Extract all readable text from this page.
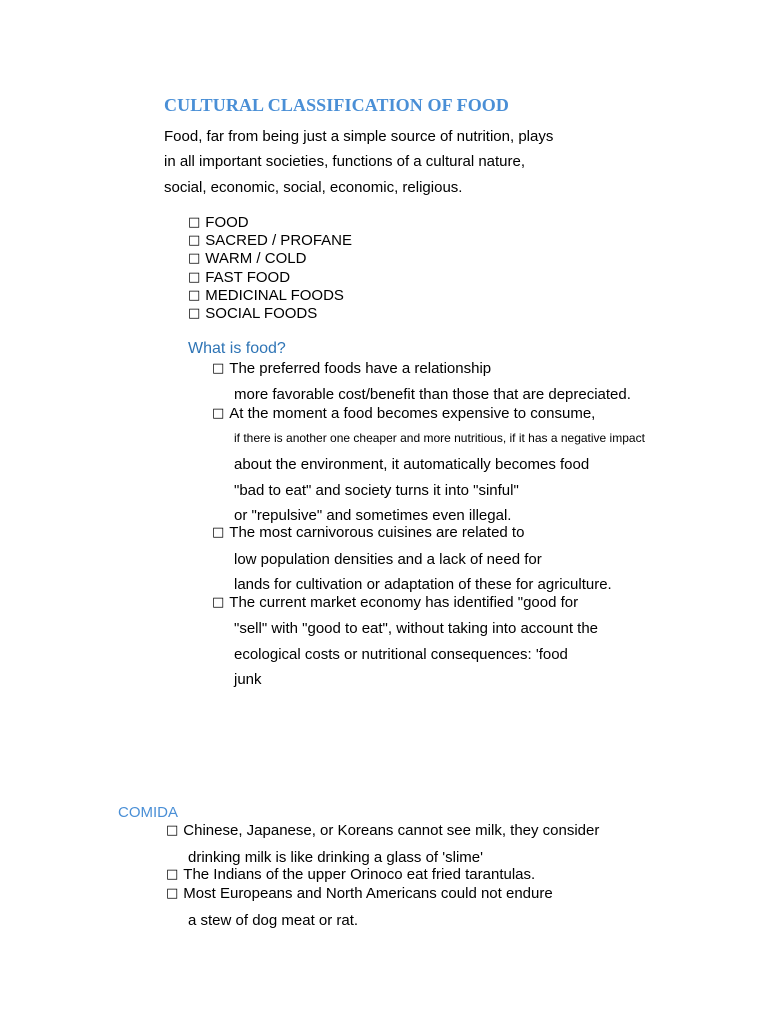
CULTURAL CLASSIFICATION OF FOOD
Food, far from being just a simple source of nutrition, plays
in all important societies, functions of a cultural nature,
social, economic, social, economic, religious.
□ FOOD
□ SACRED / PROFANE
□ WARM / COLD
□ FAST FOOD
□ MEDICINAL FOODS
□ SOCIAL FOODS
What is food?
□ The preferred foods have a relationship
more favorable cost/benefit than those that are depreciated.
□ At the moment a food becomes expensive to consume,
if there is another one cheaper and more nutritious, if it has a negative impact
about the environment, it automatically becomes food
"bad to eat" and society turns it into "sinful"
or "repulsive" and sometimes even illegal.
□ The most carnivorous cuisines are related to
low population densities and a lack of need for
lands for cultivation or adaptation of these for agriculture.
□ The current market economy has identified "good for
"sell" with "good to eat", without taking into account the
ecological costs or nutritional consequences: 'food
junk
COMIDA
□ Chinese, Japanese, or Koreans cannot see milk, they consider
drinking milk is like drinking a glass of 'slime'
□ The Indians of the upper Orinoco eat fried tarantulas.
□ Most Europeans and North Americans could not endure
a stew of dog meat or rat.
